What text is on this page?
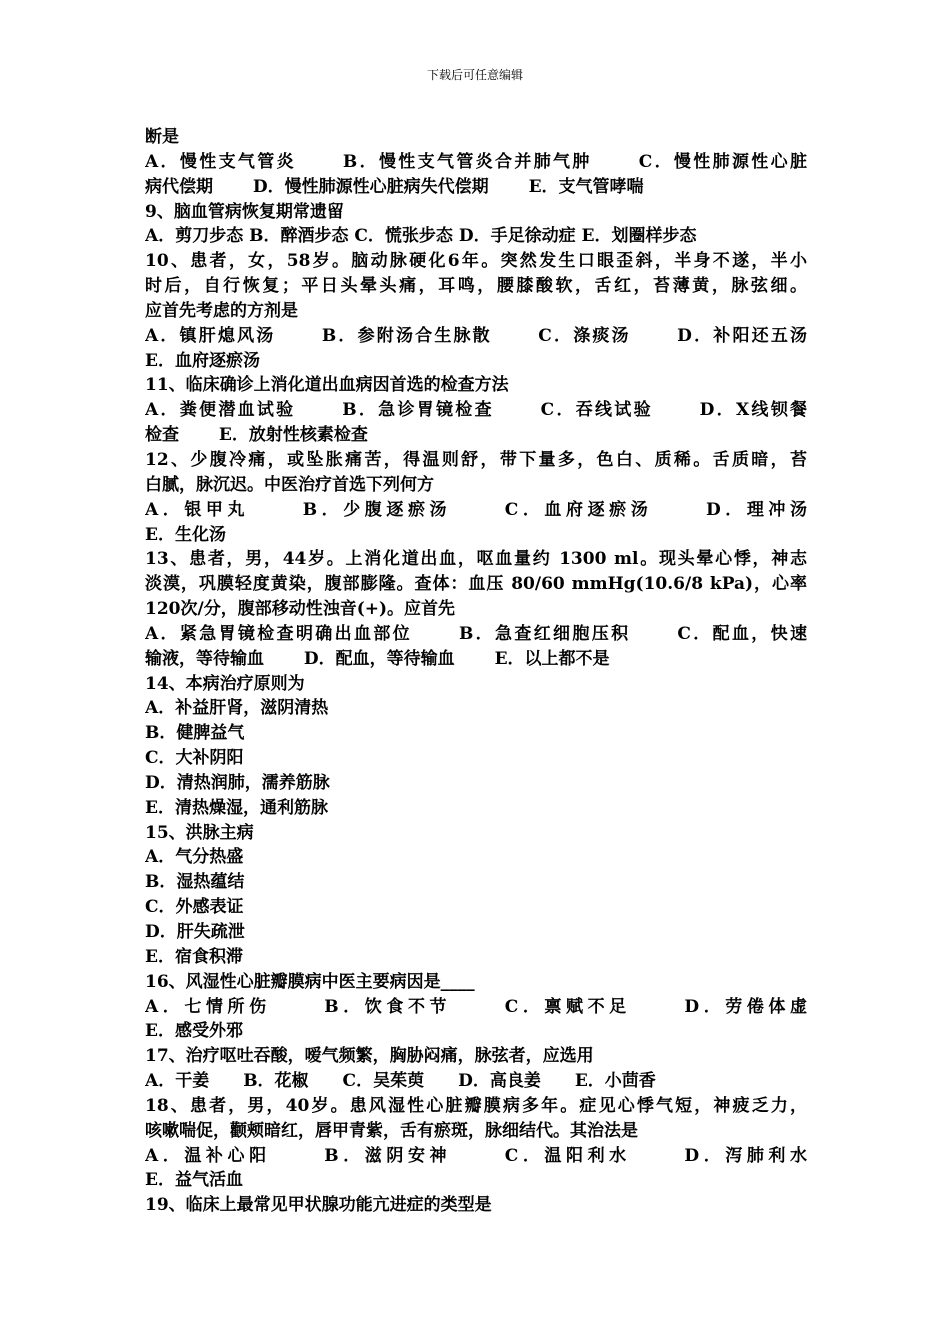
下载后可任意编辑
断是
A．慢性支气管炎　　 B．慢性支气管炎合并肺气肿　　 C．慢性肺源性心脏
病代偿期　　 D．慢性肺源性心脏病失代偿期　　 E．支气管哮喘
9、脑血管病恢复期常遗留
A．剪刀步态 B．醉酒步态 C．慌张步态 D．手足徐动症 E．划圈样步态
10、患者，女，58岁。脑动脉硬化6年。突然发生口眼歪斜，半身不遂，半小
时后，自行恢复；平日头晕头痛，耳鸣，腰膝酸软，舌红，苔薄黄，脉弦细。
应首先考虑的方剂是
A．镇肝熄风汤　　 B．参附汤合生脉散　　 C．涤痰汤　　 D．补阳还五汤
E．血府逐瘀汤
11、临床确诊上消化道出血病因首选的检查方法
A．粪便潜血试验　　 B．急诊胃镜检查　　 C．吞线试验　　 D．X线钡餐
检查　　 E．放射性核素检查
12、少腹冷痛，或坠胀痛苦，得温则舒，带下量多，色白、质稀。舌质暗，苔
白腻，脉沉迟。中医治疗首选下列何方
A．银甲丸　　 B．少腹逐瘀汤　　 C．血府逐瘀汤　　 D．理冲汤
E．生化汤
13、患者，男，44岁。上消化道出血，呕血量约 1300 ml。现头晕心悸，神志
淡漠，巩膜轻度黄染，腹部膨隆。查体：血压 80/60 mmHg(10.6/8 kPa)，心率
120次/分，腹部移动性浊音(+)。应首先
A．紧急胃镜检查明确出血部位　　 B．急查红细胞压积　　 C．配血，快速
输液，等待输血　　 D．配血，等待输血　　 E．以上都不是
14、本病治疗原则为
A．补益肝肾，滋阴清热
B．健脾益气
C．大补阴阳
D．清热润肺，濡养筋脉
E．清热燥湿，通利筋脉
15、洪脉主病
A．气分热盛
B．湿热蕴结
C．外感表证
D．肝失疏泄
E．宿食积滞
16、风湿性心脏瓣膜病中医主要病因是____
A．七情所伤　　 B．饮食不节　　 C．禀赋不足　　 D．劳倦体虚
E．感受外邪
17、治疗呕吐吞酸，嗳气频繁，胸胁闷痛，脉弦者，应选用
A．干姜　　B．花椒　　C．吴茱萸　　D．高良姜　　E．小茴香
18、患者，男，40岁。患风湿性心脏瓣膜病多年。症见心悸气短，神疲乏力，
咳嗽喘促，颧颊暗红，唇甲青紫，舌有瘀斑，脉细结代。其治法是
A．温补心阳　　 B．滋阴安神　　 C．温阳利水　　 D．泻肺利水
E．益气活血
19、临床上最常见甲状腺功能亢进症的类型是
